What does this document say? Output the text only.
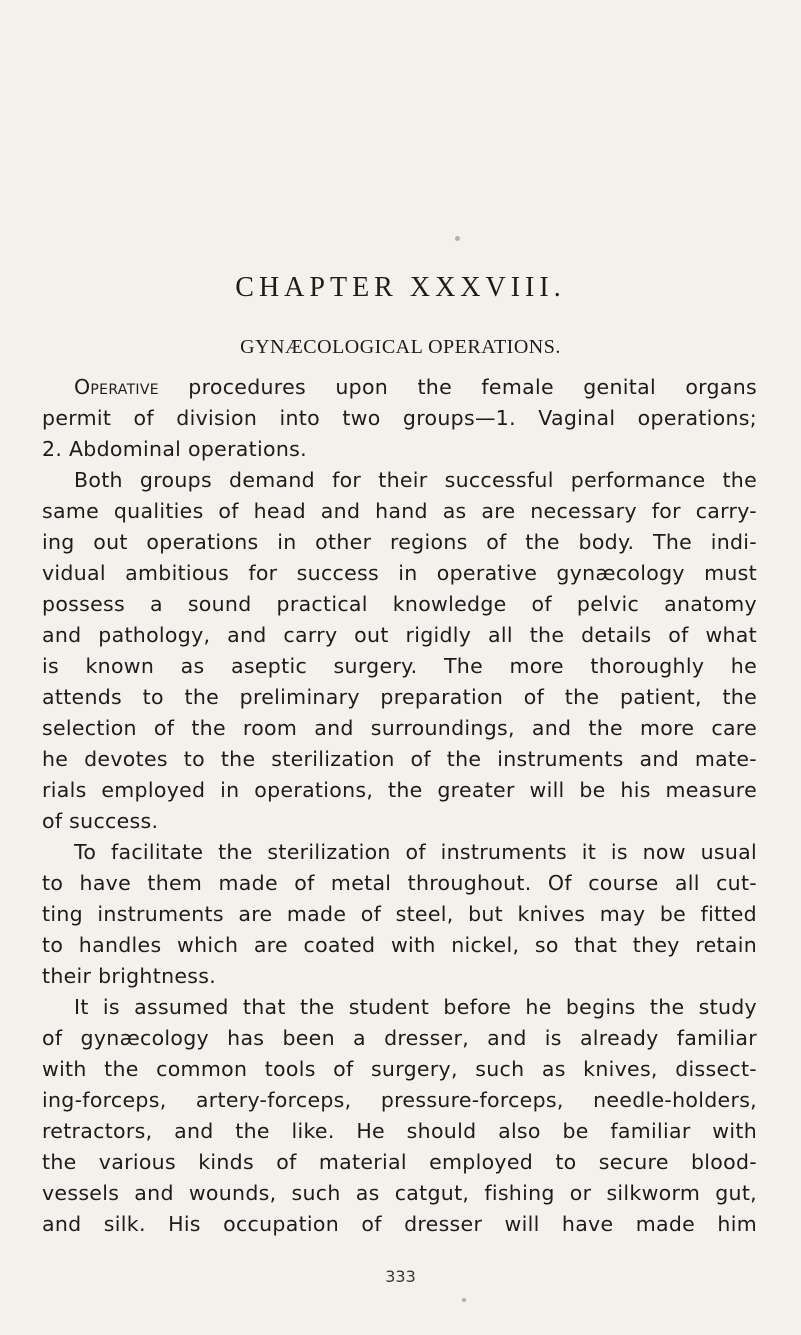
CHAPTER XXXVIII.
GYNÆCOLOGICAL OPERATIONS.
Operative procedures upon the female genital organs
permit of division into two groups—1. Vaginal operations;
2. Abdominal operations.
Both groups demand for their successful performance the
same qualities of head and hand as are necessary for carry-
ing out operations in other regions of the body. The indi-
vidual ambitious for success in operative gynæcology must
possess a sound practical knowledge of pelvic anatomy
and pathology, and carry out rigidly all the details of what
is known as aseptic surgery. The more thoroughly he
attends to the preliminary preparation of the patient, the
selection of the room and surroundings, and the more care
he devotes to the sterilization of the instruments and mate-
rials employed in operations, the greater will be his measure
of success.
To facilitate the sterilization of instruments it is now usual
to have them made of metal throughout. Of course all cut-
ting instruments are made of steel, but knives may be fitted
to handles which are coated with nickel, so that they retain
their brightness.
It is assumed that the student before he begins the study
of gynæcology has been a dresser, and is already familiar
with the common tools of surgery, such as knives, dissect-
ing-forceps, artery-forceps, pressure-forceps, needle-holders,
retractors, and the like. He should also be familiar with
the various kinds of material employed to secure blood-
vessels and wounds, such as catgut, fishing or silkworm gut,
and silk. His occupation of dresser will have made him
333
